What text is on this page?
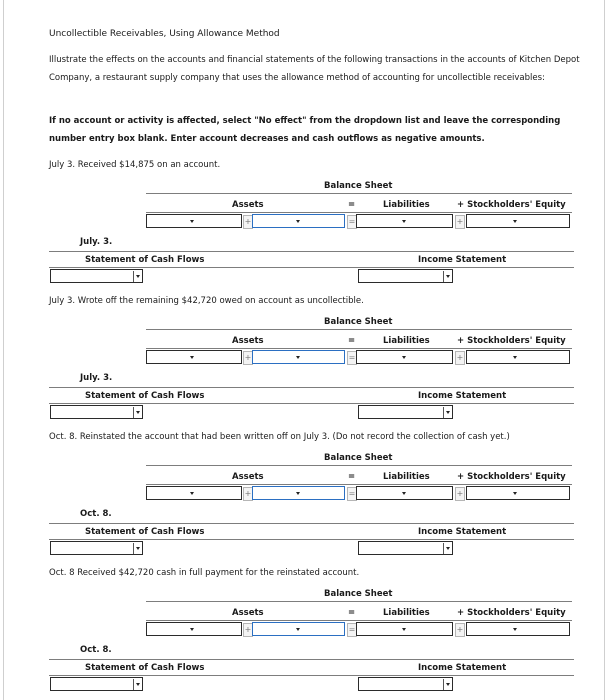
Uncollectible Receivables, Using Allowance Method
Illustrate the effects on the accounts and financial statements of the following transactions in the accounts of Kitchen Depot Company, a restaurant supply company that uses the allowance method of accounting for uncollectible receivables:
If no account or activity is affected, select "No effect" from the dropdown list and leave the corresponding number entry box blank. Enter account decreases and cash outflows as negative amounts.
July 3. Received $14,875 on an account.
Balance Sheet
Assets	=	Liabilities	+ Stockholders' Equity
+	=	+
July. 3.
Statement of Cash Flows	Income Statement
July 3. Wrote off the remaining $42,720 owed on account as uncollectible.
Balance Sheet
Assets	=	Liabilities	+ Stockholders' Equity
+	=	+
July. 3.
Statement of Cash Flows	Income Statement
Oct. 8. Reinstated the account that had been written off on July 3. (Do not record the collection of cash yet.)
Balance Sheet
Assets	=	Liabilities	+ Stockholders' Equity
+	=	+
Oct. 8.
Statement of Cash Flows	Income Statement
Oct. 8 Received $42,720 cash in full payment for the reinstated account.
Balance Sheet
Assets	=	Liabilities	+ Stockholders' Equity
+	=	+
Oct. 8.
Statement of Cash Flows	Income Statement
